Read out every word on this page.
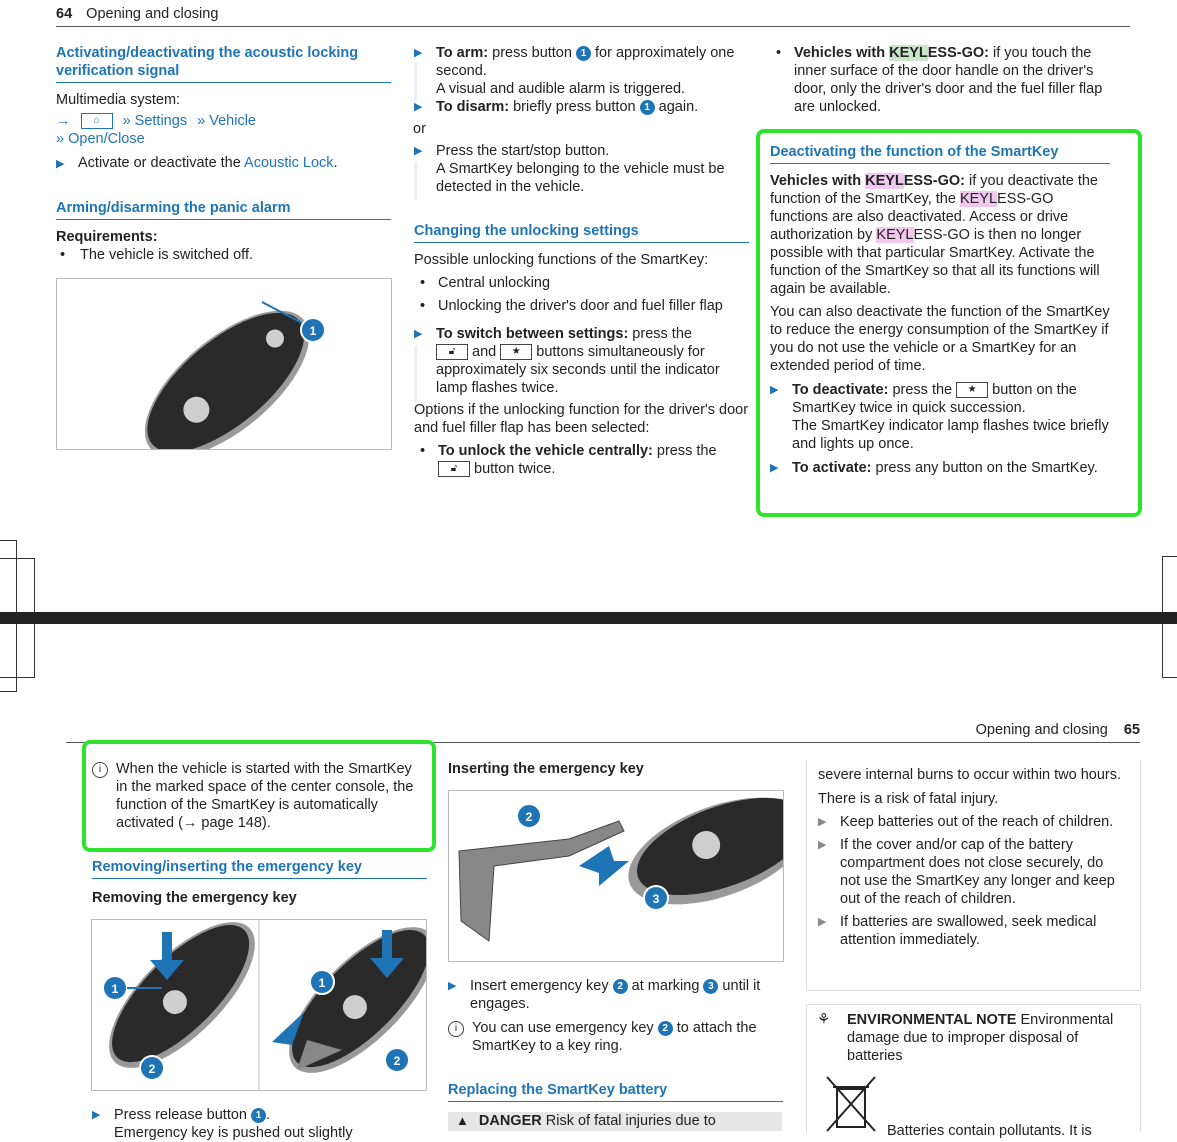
64 Opening and closing
Activating/deactivating the acoustic locking verification signal

Multimedia system:

→ ⌂ » Settings » Vehicle
» Open/Close

▶ Activate or deactivate the Acoustic Lock.

Arming/disarming the panic alarm

Requirements:

• The vehicle is switched off.

1
▶ To arm: press button 1 for approximately one second.
A visual and audible alarm is triggered.
▶ To disarm: briefly press button 1 again.

or

▶ Press the start/stop button.
A SmartKey belonging to the vehicle must be detected in the vehicle.
Changing the unlocking settings

Possible unlocking functions of the SmartKey:

• Central unlocking

• Unlocking the driver's door and fuel filler flap

▶ To switch between settings: press the
🔓︎ and ★ buttons simultaneously for approximately six seconds until the indicator lamp flashes twice.

Options if the unlocking function for the driver's door and fuel filler flap has been selected:

• To unlock the vehicle centrally: press the
🔓︎ button twice.
• Vehicles with KEYLESS-GO: if you touch the inner surface of the door handle on the driver's door, only the driver's door and the fuel filler flap are unlocked.
Deactivating the function of the SmartKey

Vehicles with KEYLESS-GO: if you deactivate the function of the SmartKey, the KEYLESS-GO functions are also deactivated. Access or drive authorization by KEYLESS-GO is then no longer possible with that particular SmartKey. Activate the function of the SmartKey so that all its functions will again be available.

You can also deactivate the function of the SmartKey to reduce the energy consumption of the SmartKey if you do not use the vehicle or a SmartKey for an extended period of time.

▶ To deactivate: press the ★ button on the SmartKey twice in quick succession.
The SmartKey indicator lamp flashes twice briefly and lights up once.
▶ To activate: press any button on the SmartKey.
Opening and closing 65
i	When the vehicle is started with the SmartKey in the marked space of the center console, the function of the SmartKey is automatically activated (→ page 148).
Removing/inserting the emergency key

Removing the emergency key

1
2
1
2
▶ Press release button 1 .
Emergency key is pushed out slightly

Inserting the emergency key

2
3
▶ Insert emergency key 2 at marking 3 until it engages.
i	You can use emergency key 2 to attach the SmartKey to a key ring.
Replacing the SmartKey battery
▲ DANGER Risk of fatal injuries due to

severe internal burns to occur within two hours.

There is a risk of fatal injury.

▶ Keep batteries out of the reach of children.
▶ If the cover and/or cap of the battery compartment does not close securely, do not use the SmartKey any longer and keep out of the reach of children.
▶ If batteries are swallowed, seek medical attention immediately.
⚘	ENVIRONMENTAL NOTE Environmental damage due to improper disposal of batteries
Batteries contain pollutants. It is
